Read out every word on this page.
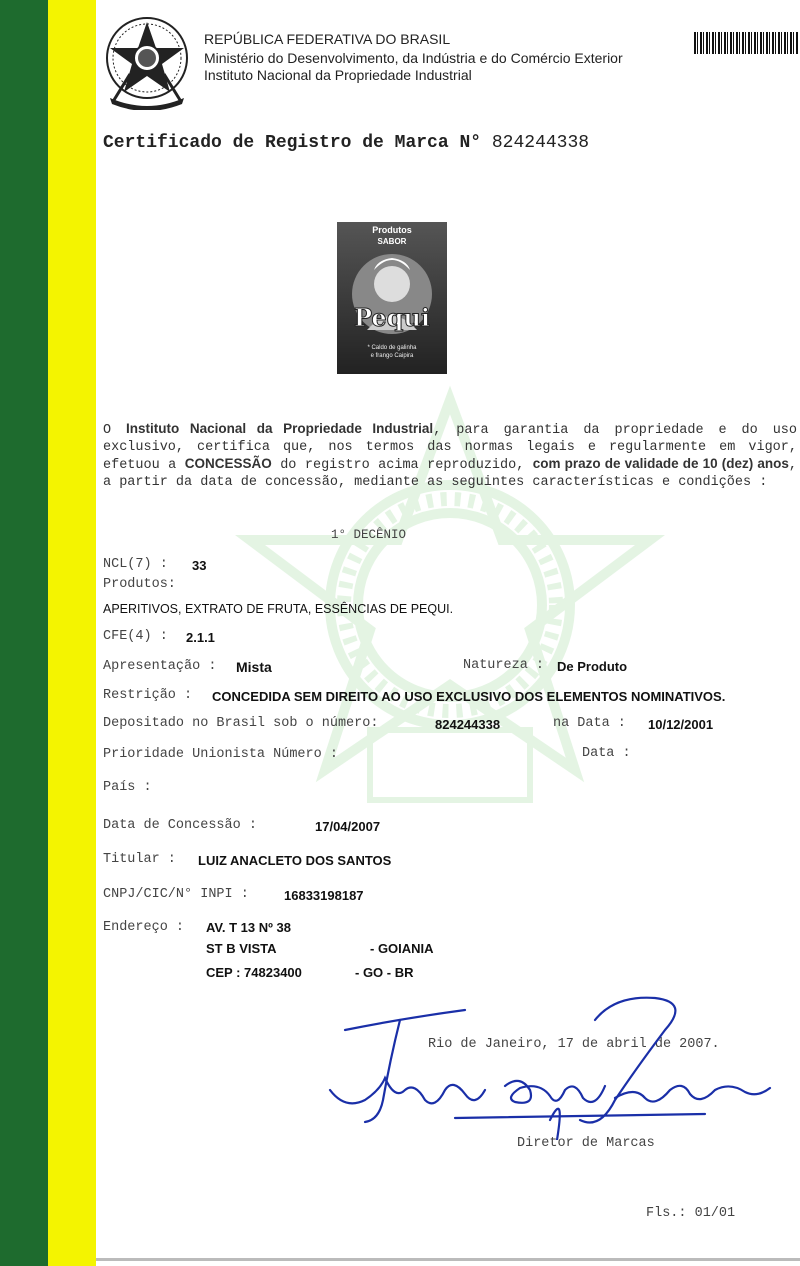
REPÚBLICA FEDERATIVA DO BRASIL
Ministério do Desenvolvimento, da Indústria e do Comércio Exterior
Instituto Nacional da Propriedade Industrial
Certificado de Registro de Marca N° 824244338
Produtos
SABOR
Pequi
* Caldo de galinha
e frango Caipira
O Instituto Nacional da Propriedade Industrial, para garantia da propriedade e do uso exclusivo, certifica que, nos termos das normas legais e regularmente em vigor, efetuou a CONCESSÃO do registro acima reproduzido, com prazo de validade de 10 (dez) anos, a partir da data de concessão, mediante as seguintes características e condições :
1° DECÊNIO
NCL(7) : 33
Produtos:
APERITIVOS, EXTRATO DE FRUTA, ESSÊNCIAS DE PEQUI.
CFE(4) : 2.1.1
Apresentação : Mista	Natureza : De Produto
Restrição : CONCEDIDA SEM DIREITO AO USO EXCLUSIVO DOS ELEMENTOS NOMINATIVOS.
Depositado no Brasil sob o número:	824244338	na Data : 10/12/2001
Prioridade Unionista Número :	Data :
País :
Data de Concessão :	17/04/2007
Titular : LUIZ ANACLETO DOS SANTOS
CNPJ/CIC/N° INPI :	16833198187
Endereço : AV. T 13 Nº 38
ST B VISTA	- GOIANIA
CEP : 74823400	- GO - BR
Rio de Janeiro, 17 de abril de 2007.
Diretor de Marcas
Fls.: 01/01
